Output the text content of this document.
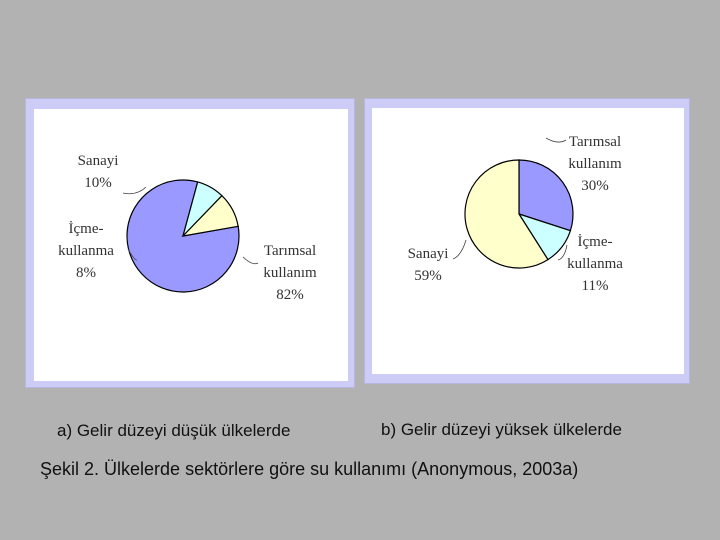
Tarımsal kullanım 82%
İçme-kullanma 8%
Sanayi 10%
Tarımsal kullanım 30%
İçme-kullanma 11%
Sanayi 59%
a) Gelir düzeyi düşük ülkelerde	b) Gelir düzeyi yüksek ülkelerde
Şekil 2. Ülkelerde sektörlere göre su kullanımı (Anonymous, 2003a)
